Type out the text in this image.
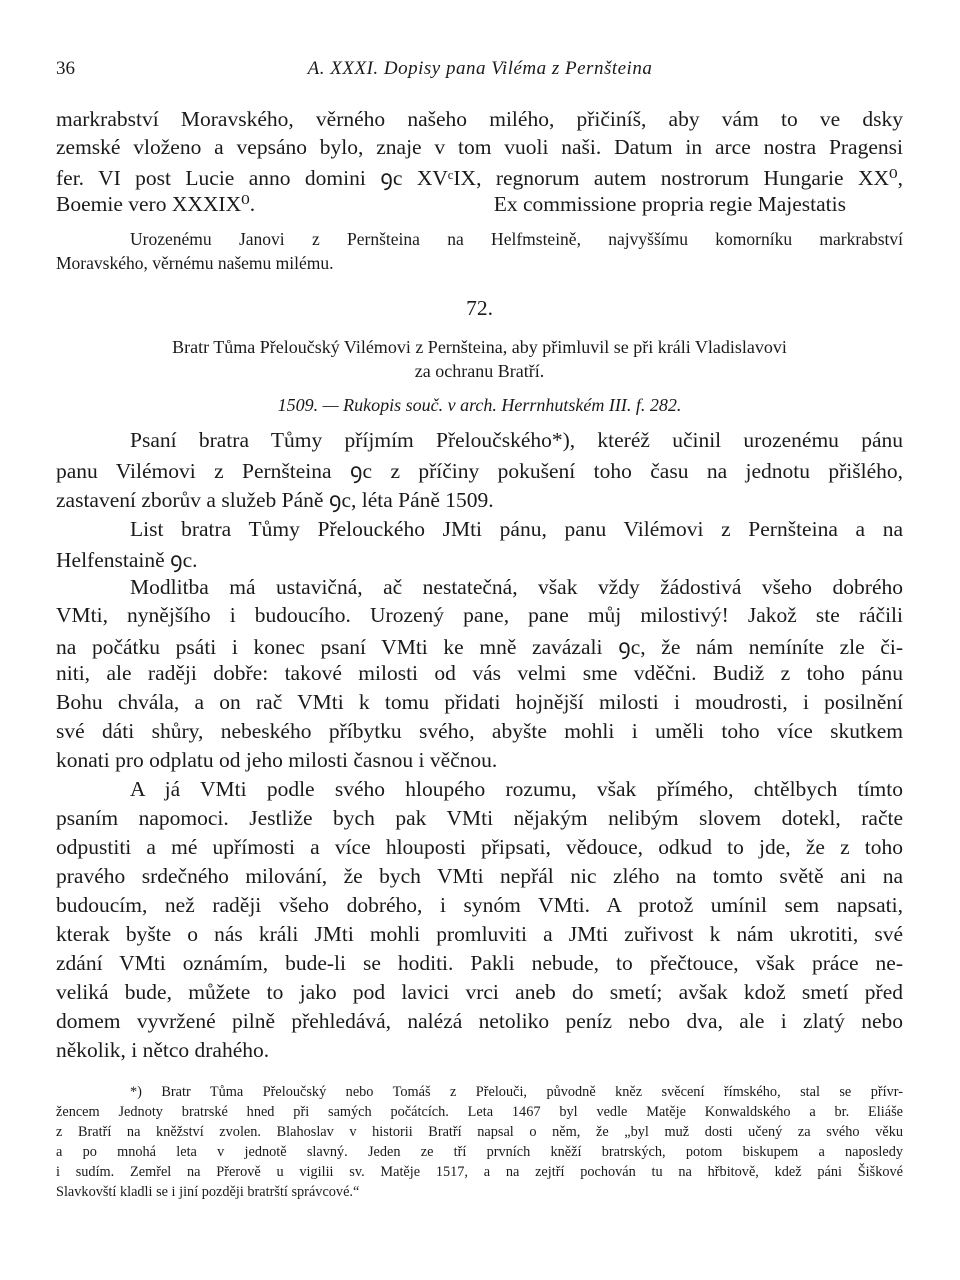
36	A. XXXI. Dopisy pana Viléma z Pernšteina

markrabství Moravského, věrného našeho milého, přičiníš, aby vám to ve dsky

zemské vloženo a vepsáno bylo, znaje v tom vuoli naši. Datum in arce nostra Pragensi

fer. VI post Lucie anno domini ꝯc XVᶜIX, regnorum autem nostrorum Hungarie XX⁰,

Boemie vero XXXIX⁰.	Ex commissione propria regie Majestatis

Urozenému Janovi z Pernšteina na Helfmsteině, najvyššímu komorníku markrabství

Moravského, věrnému našemu milému.

72.

Bratr Tůma Přeloučský Vilémovi z Pernšteina, aby přimluvil se při králi Vladislavovi

za ochranu Bratří.

1509. — Rukopis souč. v arch. Herrnhutském III. f. 282.

Psaní bratra Tůmy příjmím Přeloučského*), kteréž učinil urozenému pánu

panu Vilémovi z Pernšteina ꝯc z příčiny pokušení toho času na jednotu přišlého,

zastavení zborův a služeb Páně ꝯc, léta Páně 1509.

List bratra Tůmy Přelouckého JMti pánu, panu Vilémovi z Pernšteina a na

Helfenstaině ꝯc.

Modlitba má ustavičná, ač nestatečná, však vždy žádostivá všeho dobrého

VMti, nynějšího i budoucího. Urozený pane, pane můj milostivý! Jakož ste ráčili

na počátku psáti i konec psaní VMti ke mně zavázali ꝯc, že nám nemíníte zle či-

niti, ale raději dobře: takové milosti od vás velmi sme vděčni. Budiž z toho pánu

Bohu chvála, a on rač VMti k tomu přidati hojnější milosti i moudrosti, i posilnění

své dáti shůry, nebeského příbytku svého, abyšte mohli i uměli toho více skutkem

konati pro odplatu od jeho milosti časnou i věčnou.

A já VMti podle svého hloupého rozumu, však přímého, chtělbych tímto

psaním napomoci. Jestliže bych pak VMti nějakým nelibým slovem dotekl, račte

odpustiti a mé upřímosti a více hlouposti připsati, vědouce, odkud to jde, že z toho

pravého srdečného milování, že bych VMti nepřál nic zlého na tomto světě ani na

budoucím, než raději všeho dobrého, i synóm VMti. A protož umínil sem napsati,

kterak byšte o nás králi JMti mohli promluviti a JMti zuřivost k nám ukrotiti, své

zdání VMti oznámím, bude-li se hoditi. Pakli nebude, to přečtouce, však práce ne-

veliká bude, můžete to jako pod lavici vrci aneb do smetí; avšak kdož smetí před

domem vyvržené pilně přehledává, nalézá netoliko peníz nebo dva, ale i zlatý nebo

několik, i nětco drahého.

*) Bratr Tůma Přeloučský nebo Tomáš z Přelouči, původně kněz svěcení římského, stal se přívr-

žencem Jednoty bratrské hned při samých počátcích. Leta 1467 byl vedle Matěje Konwaldského a br. Eliáše

z Bratří na kněžství zvolen. Blahoslav v historii Bratří napsal o něm, že „byl muž dosti učený za svého věku

a po mnohá leta v jednotě slavný. Jeden ze tří prvních kněží bratrských, potom biskupem a naposledy

i sudím. Zemřel na Přerově u vigilii sv. Matěje 1517, a na zejtří pochován tu na hřbitově, kdež páni Šiškové

Slavkovští kladli se i jiní později bratrští správcové.“
